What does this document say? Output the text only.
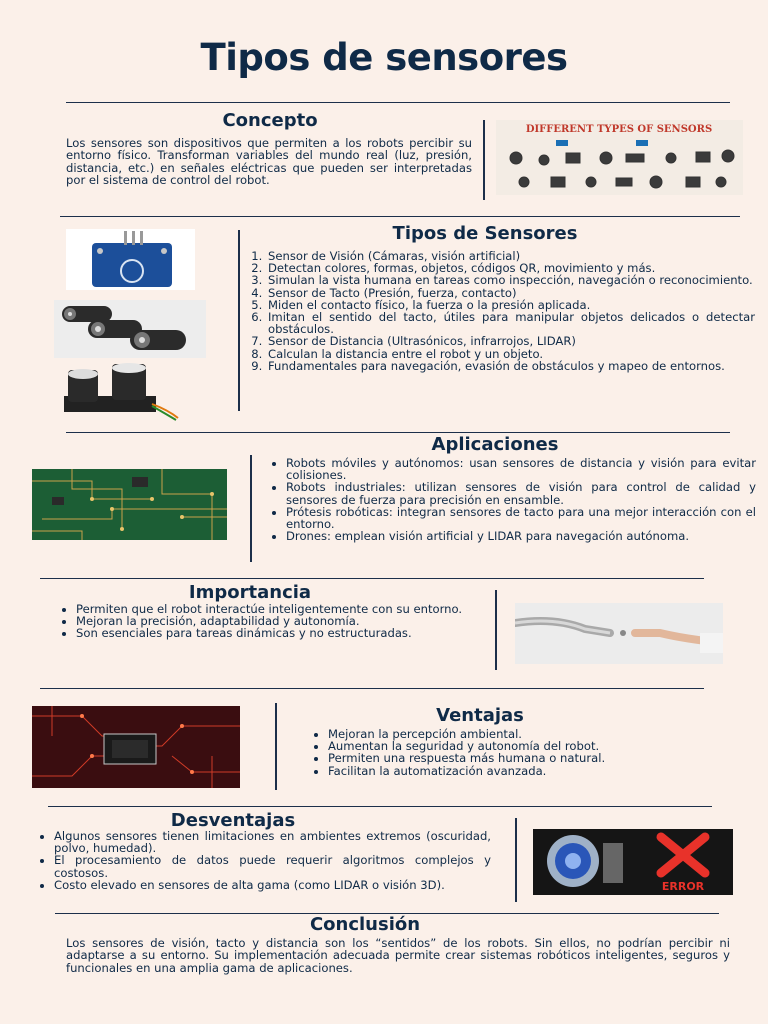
Tipos de sensores
Concepto
Los sensores son dispositivos que permiten a los robots percibir su entorno físico. Transforman variables del mundo real (luz, presión, distancia, etc.) en señales eléctricas que pueden ser interpretadas por el sistema de control del robot.
DIFFERENT TYPES OF SENSORS
Tipos de Sensores
1. Sensor de Visión (Cámaras, visión artificial)
2. Detectan colores, formas, objetos, códigos QR, movimiento y más.
3. Simulan la vista humana en tareas como inspección, navegación o reconocimiento.
4. Sensor de Tacto (Presión, fuerza, contacto)
5. Miden el contacto físico, la fuerza o la presión aplicada.
6. Imitan el sentido del tacto, útiles para manipular objetos delicados o detectar obstáculos.
7. Sensor de Distancia (Ultrasónicos, infrarrojos, LIDAR)
8. Calculan la distancia entre el robot y un objeto.
9. Fundamentales para navegación, evasión de obstáculos y mapeo de entornos.
Aplicaciones
• Robots móviles y autónomos: usan sensores de distancia y visión para evitar colisiones.
• Robots industriales: utilizan sensores de visión para control de calidad y sensores de fuerza para precisión en ensamble.
• Prótesis robóticas: integran sensores de tacto para una mejor interacción con el entorno.
• Drones: emplean visión artificial y LIDAR para navegación autónoma.
Importancia
• Permiten que el robot interactúe inteligentemente con su entorno.
• Mejoran la precisión, adaptabilidad y autonomía.
• Son esenciales para tareas dinámicas y no estructuradas.
Ventajas
• Mejoran la percepción ambiental.
• Aumentan la seguridad y autonomía del robot.
• Permiten una respuesta más humana o natural.
• Facilitan la automatización avanzada.
Desventajas
• Algunos sensores tienen limitaciones en ambientes extremos (oscuridad, polvo, humedad).
• El procesamiento de datos puede requerir algoritmos complejos y costosos.
• Costo elevado en sensores de alta gama (como LIDAR o visión 3D).	ERROR
Conclusión
Los sensores de visión, tacto y distancia son los “sentidos” de los robots. Sin ellos, no podrían percibir ni adaptarse a su entorno. Su implementación adecuada permite crear sistemas robóticos inteligentes, seguros y funcionales en una amplia gama de aplicaciones.
